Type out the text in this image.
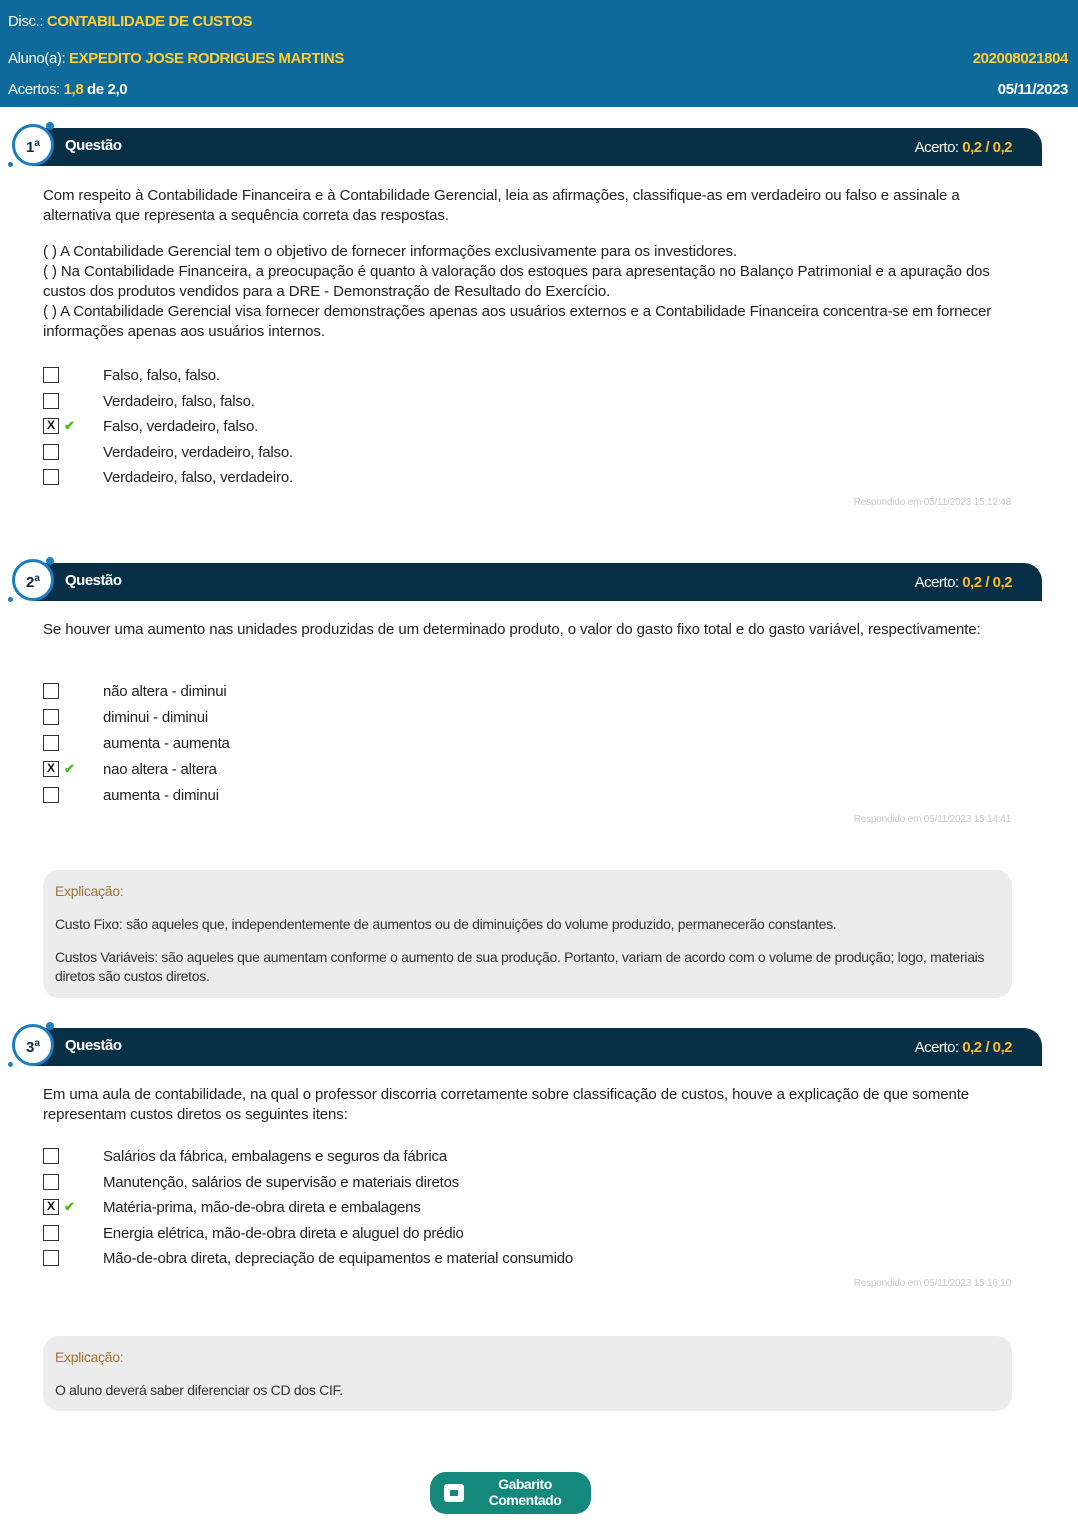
Disc.: CONTABILIDADE DE CUSTOS
Aluno(a): EXPEDITO JOSE RODRIGUES MARTINS	202008021804
Acertos: 1,8 de 2,0	05/11/2023
Questão	Acerto: 0,2 / 0,2
1$^a$

Com respeito à Contabilidade Financeira e à Contabilidade Gerencial, leia as afirmações, classifique-as em verdadeiro ou falso e assinale a alternativa que representa a sequência correta das respostas.

( ) A Contabilidade Gerencial tem o objetivo de fornecer informações exclusivamente para os investidores.

( ) Na Contabilidade Financeira, a preocupação é quanto à valoração dos estoques para apresentação no Balanço Patrimonial e a apuração dos custos dos produtos vendidos para a DRE - Demonstração de Resultado do Exercício.

( ) A Contabilidade Gerencial visa fornecer demonstrações apenas aos usuários externos e a Contabilidade Financeira concentra-se em fornecer informações apenas aos usuários internos.

Falso, falso, falso.
Verdadeiro, falso, falso.
X ✔ Falso, verdadeiro, falso.
Verdadeiro, verdadeiro, falso.
Verdadeiro, falso, verdadeiro.
Respondido em 05/11/2023 15:12:48
Questão	Acerto: 0,2 / 0,2
2$^a$

Se houver uma aumento nas unidades produzidas de um determinado produto, o valor do gasto fixo total e do gasto variável, respectivamente:

não altera - diminui
diminui - diminui
aumenta - aumenta
X ✔ nao altera - altera
aumenta - diminui
Respondido em 05/11/2023 15:14:41
Explicação:

Custo Fixo: são aqueles que, independentemente de aumentos ou de diminuições do volume produzido, permanecerão constantes.

Custos Variáveis: são aqueles que aumentam conforme o aumento de sua produção. Portanto, variam de acordo com o volume de produção; logo, materiais diretos são custos diretos.

Questão	Acerto: 0,2 / 0,2
3$^a$

Em uma aula de contabilidade, na qual o professor discorria corretamente sobre classificação de custos, houve a explicação de que somente representam custos diretos os seguintes itens:

Salários da fábrica, embalagens e seguros da fábrica
Manutenção, salários de supervisão e materiais diretos
X ✔ Matéria-prima, mão-de-obra direta e embalagens
Energia elétrica, mão-de-obra direta e aluguel do prédio
Mão-de-obra direta, depreciação de equipamentos e material consumido
Respondido em 05/11/2023 15:16:10
Explicação:

O aluno deverá saber diferenciar os CD dos CIF.

Gabarito
Comentado
